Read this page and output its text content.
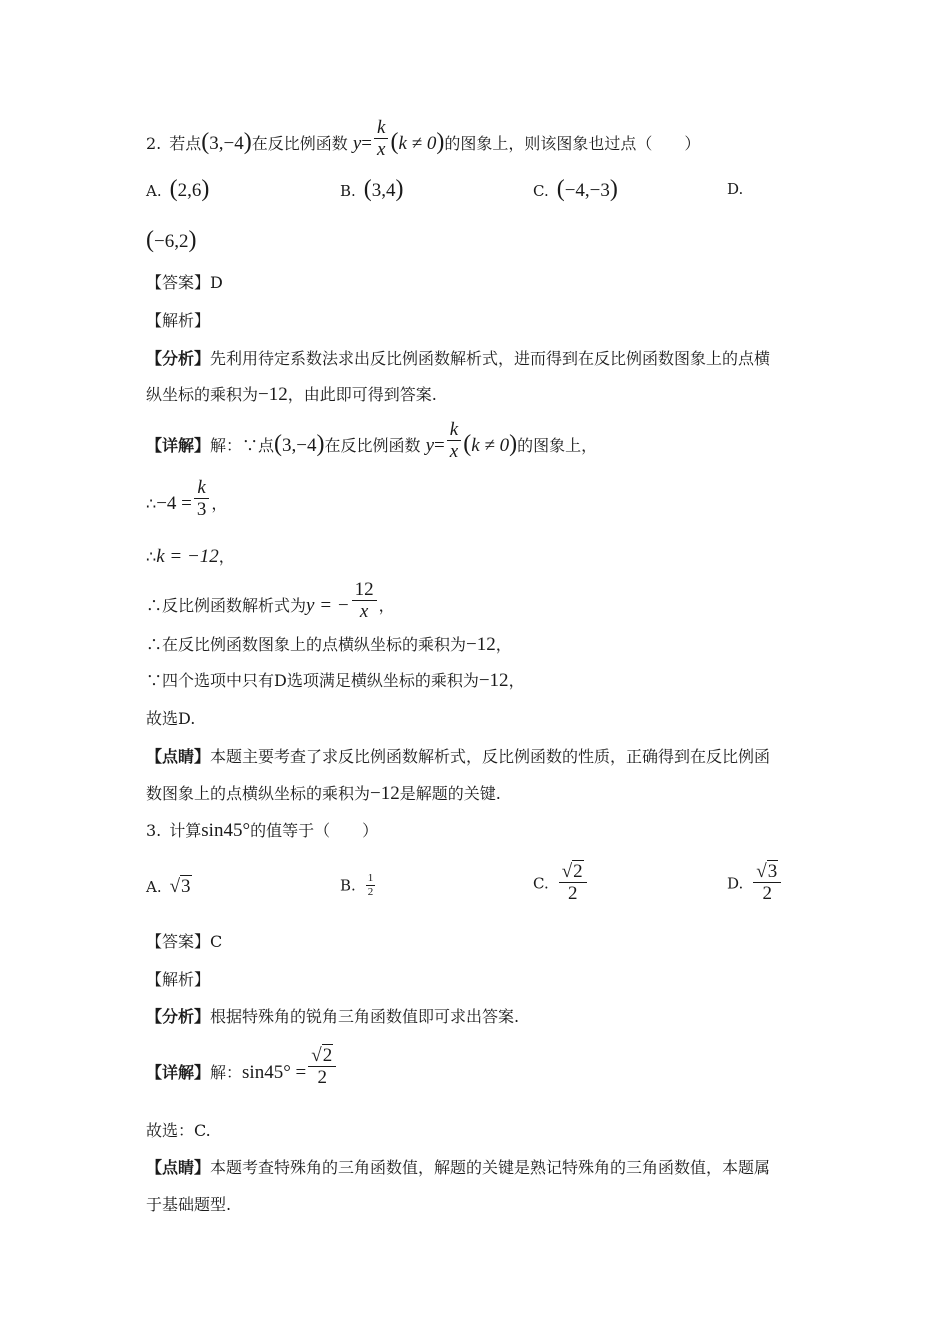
2. 若点(3,−4)在反比例函数 $y= \frac{k}{x} (k \ne 0)$的图象上，则该图象也过点（　　）
A. (2,6)	B. (3,4)	C. (−4,−3)	D.
(−6,2)
【答案】D
【解析】
【分析】先利用待定系数法求出反比例函数解析式，进而得到在反比例函数图象上的点横
纵坐标的乘积为−12，由此即可得到答案.
【详解】解：∵点(3,−4)在反比例函数 $y= \frac{k}{x} (k \ne 0)$的图象上，
∴−4 = $\frac{k}{3}$ ，
∴k = −12，
∴反比例函数解析式为y = − $\frac{12}{x}$ ，
∴在反比例函数图象上的点横纵坐标的乘积为−12，
∵四个选项中只有D选项满足横纵坐标的乘积为−12，
故选D.
【点睛】本题主要考查了求反比例函数解析式，反比例函数的性质，正确得到在反比例函
数图象上的点横纵坐标的乘积为−12是解题的关键.
3. 计算sin45°的值等于（　　）
A. √3	B. $\frac{1}{2}$	C. $\frac{√2}{2}$	D. $\frac{√3}{2}$
【答案】C
【解析】
【分析】根据特殊角的锐角三角函数值即可求出答案.
【详解】解：$\sin 45^\circ = \frac{√2}{2}$
故选：C.
【点睛】本题考查特殊角的三角函数值，解题的关键是熟记特殊角的三角函数值，本题属
于基础题型.
